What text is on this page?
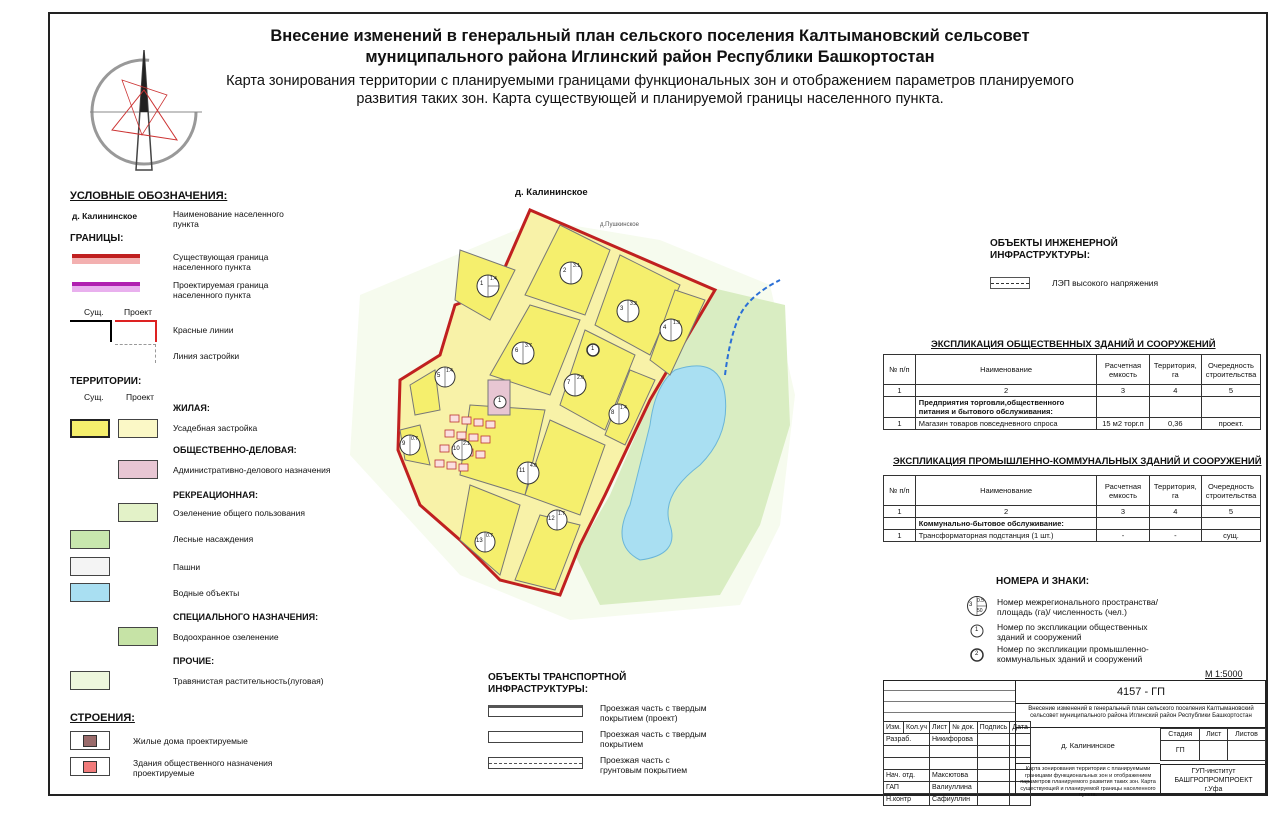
Внесение изменений в генеральный план сельского поселения Калтымановский сельсовет
муниципального района Иглинский район Республики Башкортостан
Карта зонирования территории с планируемыми границами функциональных зон и отображением параметров планируемого
развития таких зон. Карта существующей и планируемой границы населенного пункта.
УСЛОВНЫЕ ОБОЗНАЧЕНИЯ:
д. Калининское	Наименование населенного пункта
ГРАНИЦЫ:
Существующая граница населенного пункта
Проектируемая граница населенного пункта
Сущ. Проект
Красные линии
Линия застройки
ТЕРРИТОРИИ:
Сущ.	Проект
ЖИЛАЯ:
Усадебная застройка
ОБЩЕСТВЕННО-ДЕЛОВАЯ:
Административно-делового назначения
РЕКРЕАЦИОННАЯ:
Озеленение общего пользования
Лесные насаждения
Пашни
Водные объекты
СПЕЦИАЛЬНОГО НАЗНАЧЕНИЯ:
Водоохранное озеленение
ПРОЧИЕ:
Травянистая растительность(луговая)
СТРОЕНИЯ:
Жилые дома проектируемые
Здания общественного назначения проектируемые
д. Калининское
д.Пушкинское
1
1.4
2
3.1
3
3.2
4
1.9
5
1.4
6
3.7
7
2.0
8
1.4
9
0.7
10
2.1
11
4.0
12
1.7
13
0.7
1
1
ОБЪЕКТЫ ИНЖЕНЕРНОЙ ИНФРАСТРУКТУРЫ:
ЛЭП высокого напряжения
ЭКСПЛИКАЦИЯ ОБЩЕСТВЕННЫХ ЗДАНИЙ И СООРУЖЕНИЙ
№ п/п	Наименование	Расчетная емкость	Территория, га	Очередность строительства
1	2	3	4	5
	Предприятия торговли,общественного питания и бытового обслуживания:			
1	Магазин товаров повседневного спроса	15 м2 торг.п	0,36	проект.
ЭКСПЛИКАЦИЯ ПРОМЫШЛЕННО-КОММУНАЛЬНЫХ ЗДАНИЙ И СООРУЖЕНИЙ
№ п/п	Наименование	Расчетная емкость	Территория, га	Очередность строительства
1	2	3	4	5
	Коммунально-бытовое обслуживание:			
1	Трансформаторная подстанция (1 шт.)	-	-	сущ.
НОМЕРА И ЗНАКИ:
3
0.5
50
Номер межрегионального пространства/ площадь (га)/ численность (чел.)
1 Номер по экспликации общественных зданий и сооружений
2 Номер по экспликации промышленно-коммунальных зданий и сооружений
ОБЪЕКТЫ ТРАНСПОРТНОЙ ИНФРАСТРУКТУРЫ:
Проезжая часть с твердым покрытием (проект)
Проезжая часть с твердым покрытием
Проезжая часть с грунтовым покрытием
М 1:5000
4157 - ГП
Внесение изменений в генеральный план сельского поселения Калтымановский сельсовет муниципального района Иглинский район Республики Башкортостан
Изм.	Кол.уч	Лист	№ док.	Подпись	Дата
Разраб.		Никифорова			

Нач. отд.		Максютова			
ГАП		Валиуллина			
Н.контр		Сафиуллин			
д. Калининское
Стадия	Лист	Листов
ГП		
Карта зонирования территории с планируемыми границами функциональных зон и отображением параметров планируемого развития таких зон. Карта существующей и планируемой границы населенного пункта.
ГУП-институт
БАШГРОПРОМПРОЕКТ
г.Уфа
